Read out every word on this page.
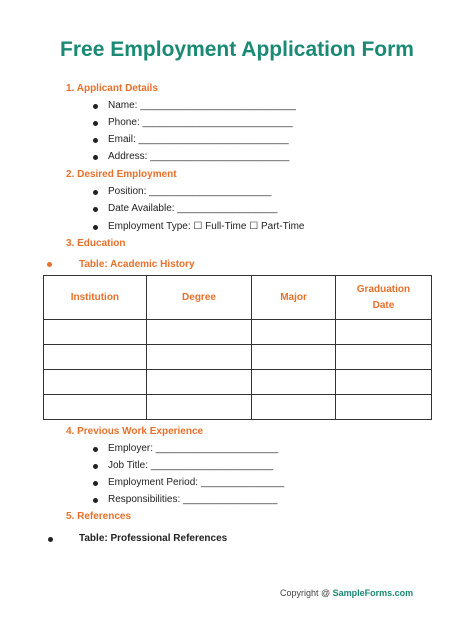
Free Employment Application Form
1. Applicant Details
Name: ____________________________
Phone: ___________________________
Email: ___________________________
Address: _________________________
2. Desired Employment
Position: ______________________
Date Available: __________________
Employment Type: ☐ Full-Time ☐ Part-Time
3. Education
Table: Academic History
Institution	Degree	Major	Graduation
Date

4. Previous Work Experience
Employer: ______________________
Job Title: ______________________
Employment Period: _______________
Responsibilities: _________________
5. References
Table: Professional References
Copyright @ SampleForms.com
